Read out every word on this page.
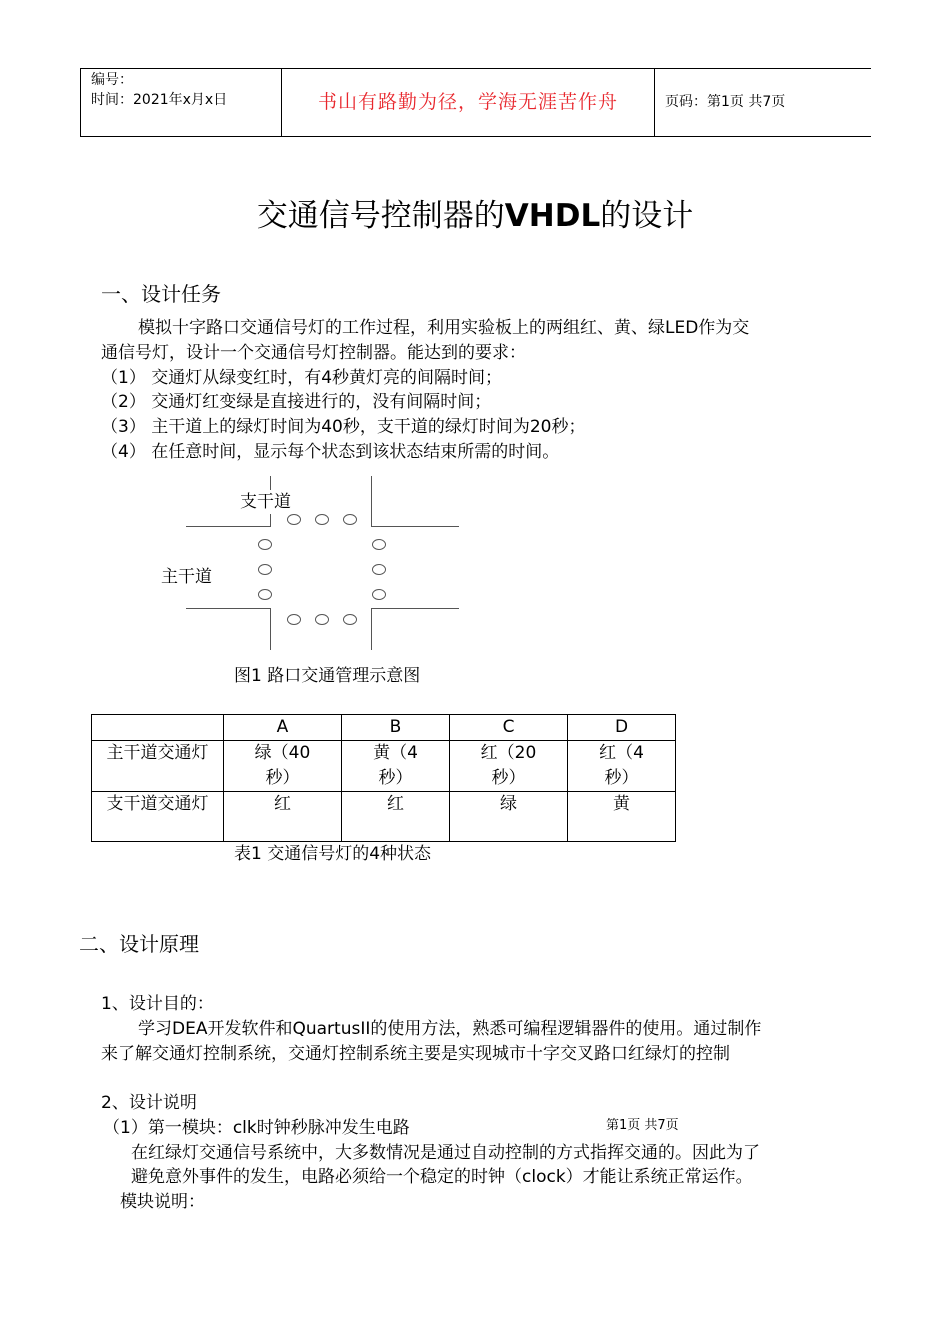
编号：
时间：2021年x月x日	书山有路勤为径，学海无涯苦作舟	页码：第1页 共7页
交通信号控制器的VHDL的设计
一、设计任务
模拟十字路口交通信号灯的工作过程，利用实验板上的两组红、黄、绿LED作为交
通信号灯，设计一个交通信号灯控制器。能达到的要求：
（1） 交通灯从绿变红时，有4秒黄灯亮的间隔时间；
（2） 交通灯红变绿是直接进行的，没有间隔时间；
（3） 主干道上的绿灯时间为40秒，支干道的绿灯时间为20秒；
（4） 在任意时间，显示每个状态到该状态结束所需的时间。
支干道
主干道
图1 路口交通管理示意图
	A	B	C	D
主干道交通灯	绿（40秒）	黄（4秒）	红（20秒）	红（4秒）
支干道交通灯	红	红	绿	黄
表1 交通信号灯的4种状态
二、设计原理
1、设计目的：
学习DEA开发软件和QuartusII的使用方法，熟悉可编程逻辑器件的使用。通过制作
来了解交通灯控制系统，交通灯控制系统主要是实现城市十字交叉路口红绿灯的控制
2、设计说明
（1）第一模块：clk时钟秒脉冲发生电路	第1页 共7页
在红绿灯交通信号系统中，大多数情况是通过自动控制的方式指挥交通的。因此为了
避免意外事件的发生，电路必须给一个稳定的时钟（clock）才能让系统正常运作。
模块说明：
